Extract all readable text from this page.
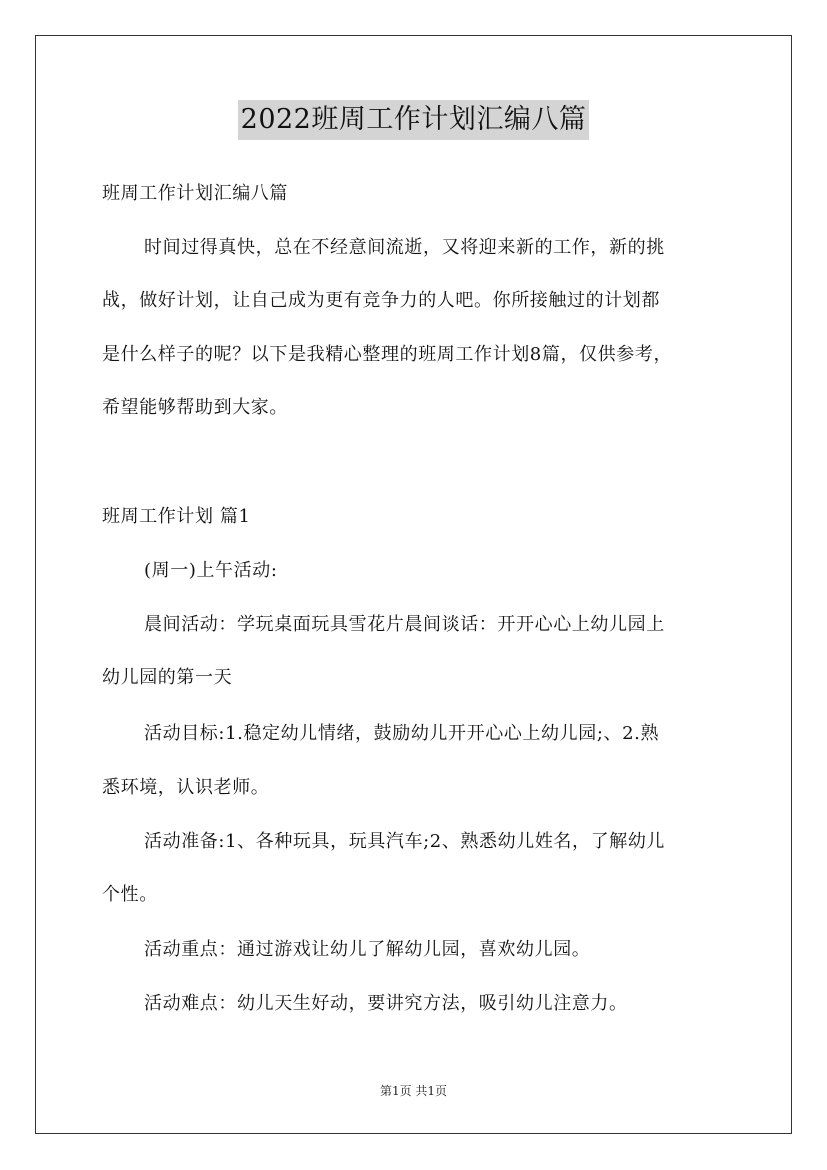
2022班周工作计划汇编八篇
班周工作计划汇编八篇
时间过得真快，总在不经意间流逝，又将迎来新的工作，新的挑
战，做好计划，让自己成为更有竞争力的人吧。你所接触过的计划都
是什么样子的呢？以下是我精心整理的班周工作计划8篇，仅供参考，
希望能够帮助到大家。
班周工作计划 篇1
(周一)上午活动:
晨间活动：学玩桌面玩具雪花片晨间谈话：开开心心上幼儿园上
幼儿园的第一天
活动目标:1.稳定幼儿情绪，鼓励幼儿开开心心上幼儿园;、2.熟
悉环境，认识老师。
活动准备:1、各种玩具，玩具汽车;2、熟悉幼儿姓名，了解幼儿
个性。
活动重点：通过游戏让幼儿了解幼儿园，喜欢幼儿园。
活动难点：幼儿天生好动，要讲究方法，吸引幼儿注意力。
第1页 共1页
